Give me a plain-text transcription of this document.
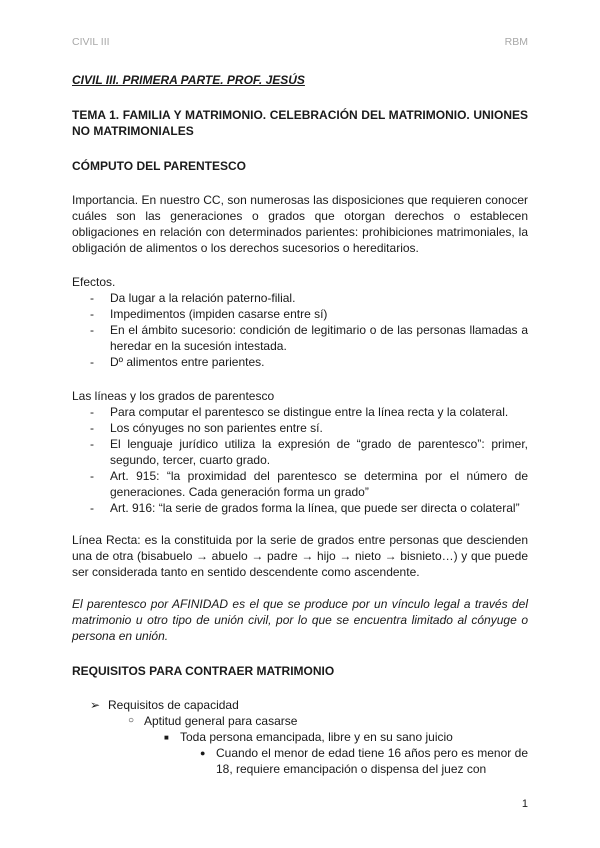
CIVIL III	RBM
CIVIL III. PRIMERA PARTE. PROF. JESÚS
TEMA 1. FAMILIA Y MATRIMONIO. CELEBRACIÓN DEL MATRIMONIO. UNIONES NO MATRIMONIALES
CÓMPUTO DEL PARENTESCO

Importancia. En nuestro CC, son numerosas las disposiciones que requieren conocer cuáles son las generaciones o grados que otorgan derechos o establecen obligaciones en relación con determinados parientes: prohibiciones matrimoniales, la obligación de alimentos o los derechos sucesorios o hereditarios.

Efectos.

- Da lugar a la relación paterno-filial.
- Impedimentos (impiden casarse entre sí)
- En el ámbito sucesorio: condición de legitimario o de las personas llamadas a heredar en la sucesión intestada.
- Dº alimentos entre parientes.

Las líneas y los grados de parentesco

- Para computar el parentesco se distingue entre la línea recta y la colateral.
- Los cónyuges no son parientes entre sí.
- El lenguaje jurídico utiliza la expresión de “grado de parentesco”: primer, segundo, tercer, cuarto grado.
- Art. 915: “la proximidad del parentesco se determina por el número de generaciones. Cada generación forma un grado”
- Art. 916: “la serie de grados forma la línea, que puede ser directa o colateral”

Línea Recta: es la constituida por la serie de grados entre personas que descienden una de otra (bisabuelo → abuelo → padre → hijo → nieto → bisnieto…) y que puede ser considerada tanto en sentido descendente como ascendente.

El parentesco por AFINIDAD es el que se produce por un vínculo legal a través del matrimonio u otro tipo de unión civil, por lo que se encuentra limitado al cónyuge o persona en unión.

REQUISITOS PARA CONTRAER MATRIMONIO
➢ Requisitos de capacidad
○ Aptitud general para casarse
■ Toda persona emancipada, libre y en su sano juicio
● Cuando el menor de edad tiene 16 años pero es menor de 18, requiere emancipación o dispensa del juez con
1
